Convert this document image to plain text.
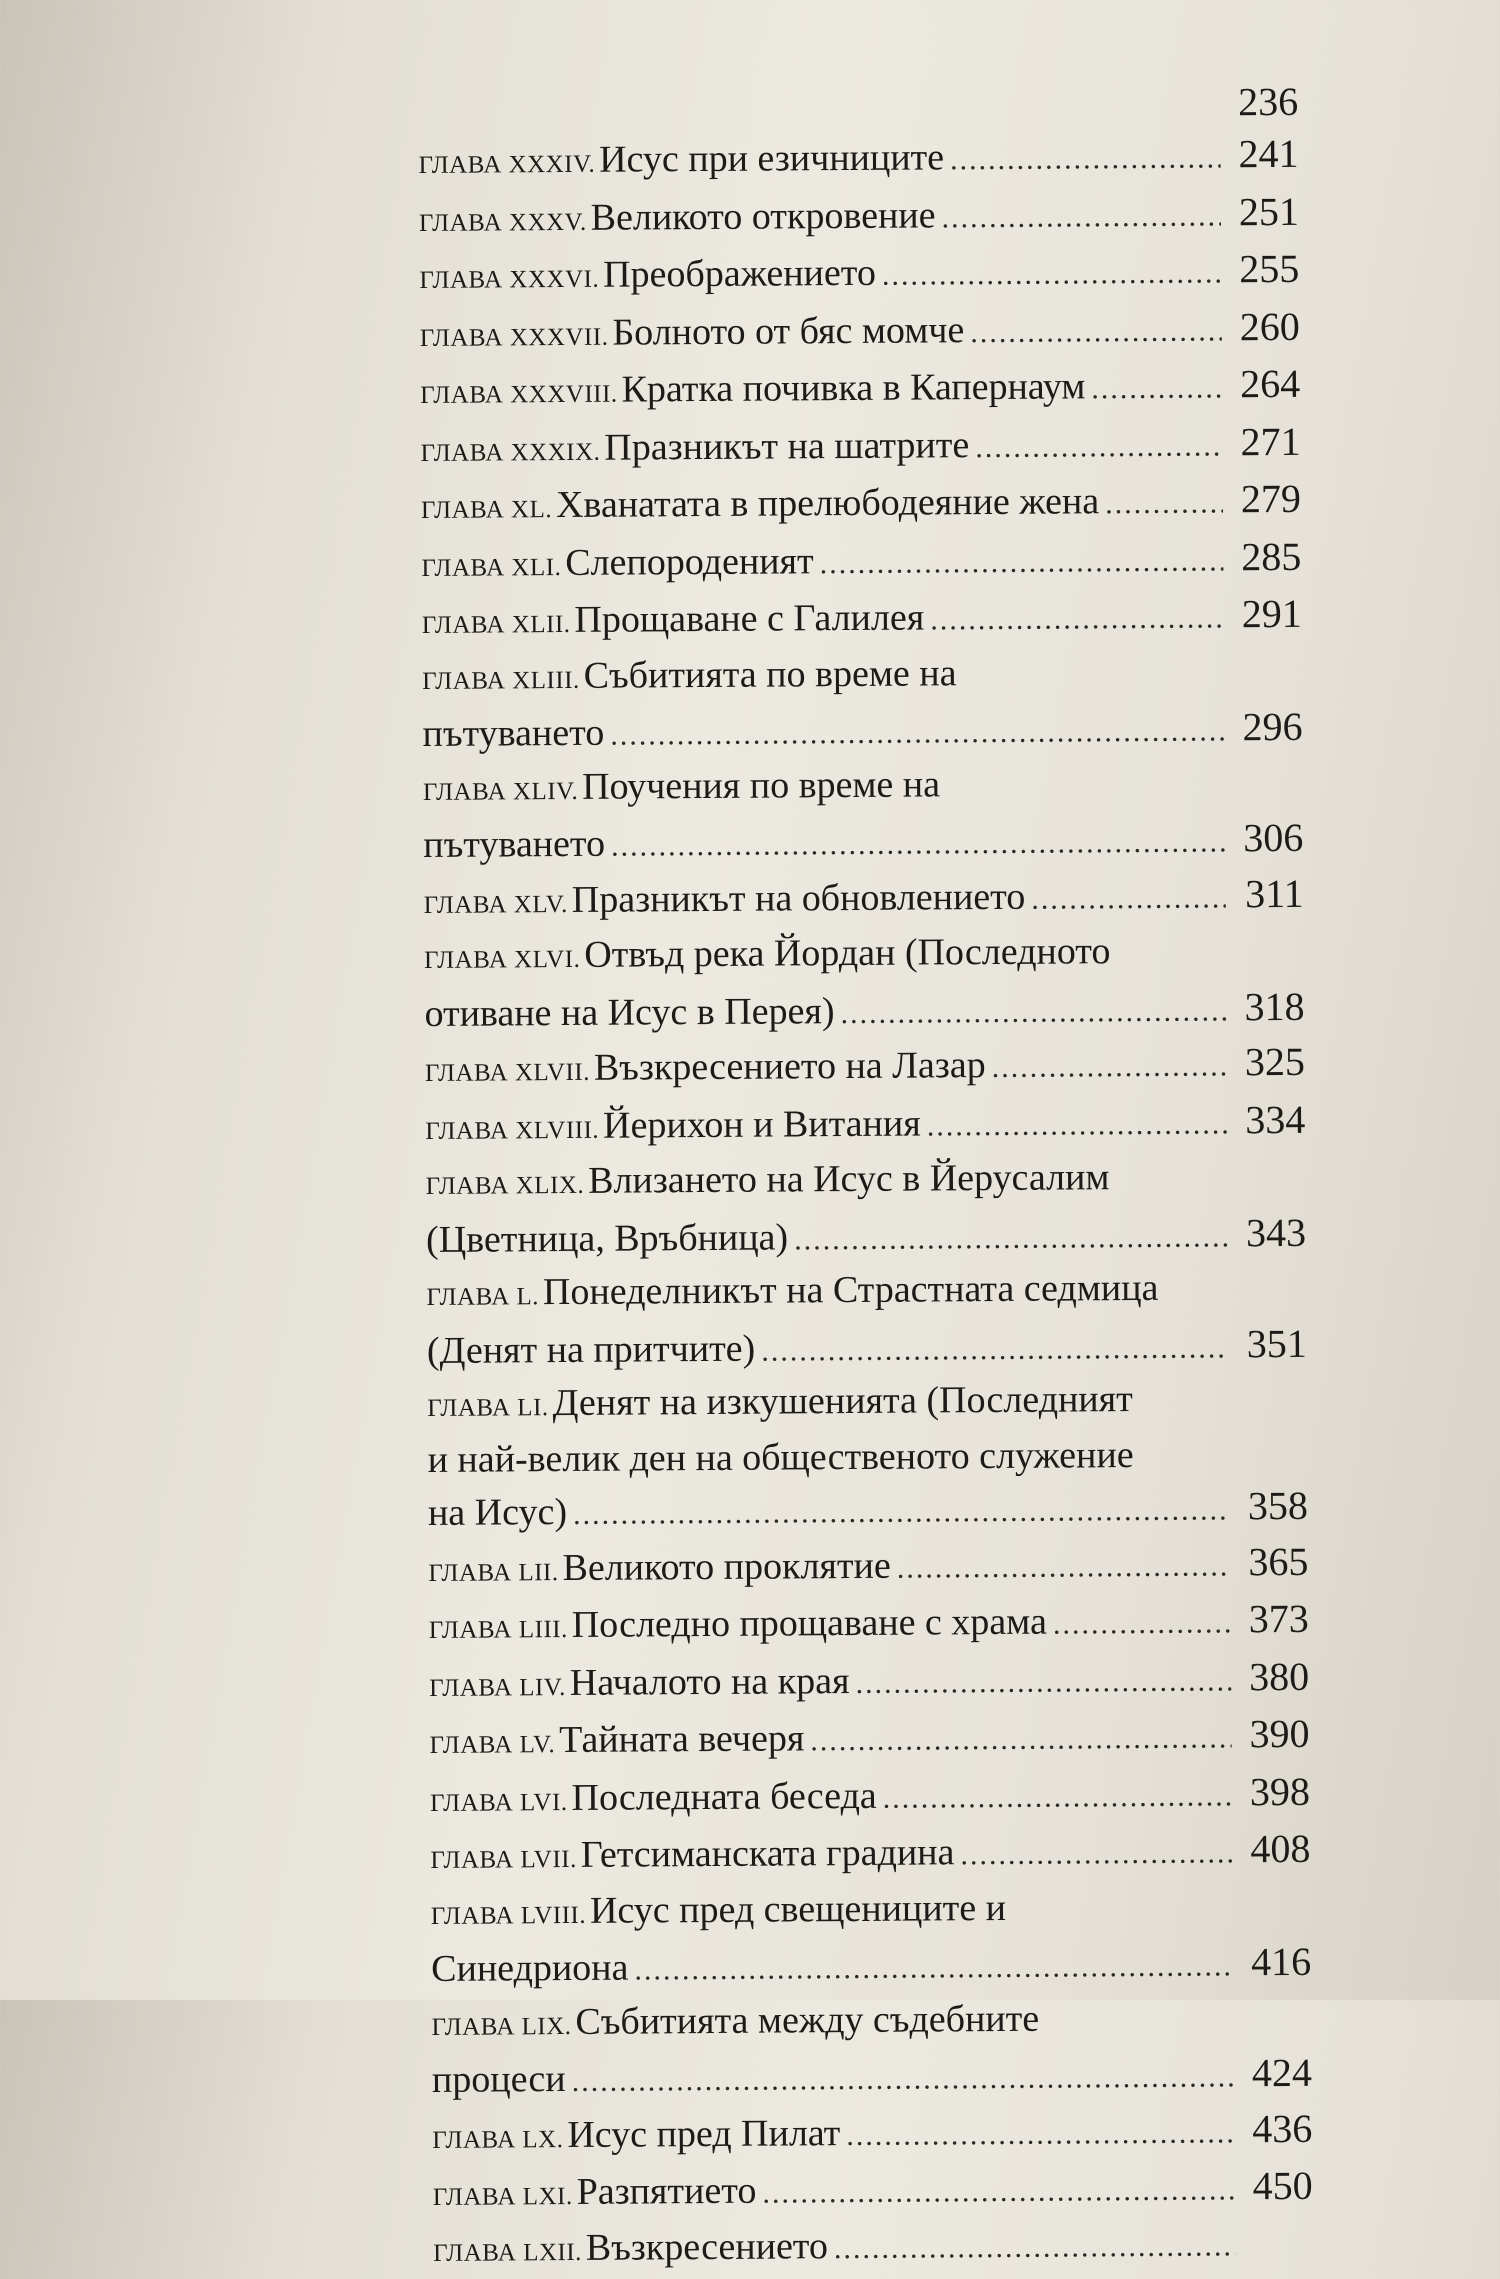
236
ГЛАВА XXXIV. Исус при езичниците .....	241
ГЛАВА XXXV. Великото откровение .....	251
ГЛАВА XXXVI. Преображението .....	255
ГЛАВА XXXVII. Болното от бяс момче .....	260
ГЛАВА XXXVIII. Кратка почивка в Капернаум .....	264
ГЛАВА XXXIX. Празникът на шатрите .....	271
ГЛАВА XL. Хванатата в прелюбодеяние жена .....	279
ГЛАВА XLI. Слепороденият .....	285
ГЛАВА XLII. Прощаване с Галилея .....	291
ГЛАВА XLIII. Събитията по време на
пътуването .....	296
ГЛАВА XLIV. Поучения по време на
пътуването .....	306
ГЛАВА XLV. Празникът на обновлението .....	311
ГЛАВА XLVI. Отвъд река Йордан (Последното
отиване на Исус в Перея) .....	318
ГЛАВА XLVII. Възкресението на Лазар .....	325
ГЛАВА XLVIII. Йерихон и Витания .....	334
ГЛАВА XLIX. Влизането на Исус в Йерусалим
(Цветница, Връбница) .....	343
ГЛАВА L. Понеделникът на Страстната седмица
(Денят на притчите) .....	351
ГЛАВА LI. Денят на изкушенията (Последният
и най-велик ден на общественото служение
на Исус) .....	358
ГЛАВА LII. Великото проклятие .....	365
ГЛАВА LIII. Последно прощаване с храма .....	373
ГЛАВА LIV. Началото на края .....	380
ГЛАВА LV. Тайната вечеря .....	390
ГЛАВА LVI. Последната беседа .....	398
ГЛАВА LVII. Гетсиманската градина .....	408
ГЛАВА LVIII. Исус пред свещениците и
Синедриона .....	416
ГЛАВА LIX. Събитията между съдебните
процеси .....	424
ГЛАВА LX. Исус пред Пилат .....	436
ГЛАВА LXI. Разпятието .....	450
ГЛАВА LXII. Възкресението
.....
